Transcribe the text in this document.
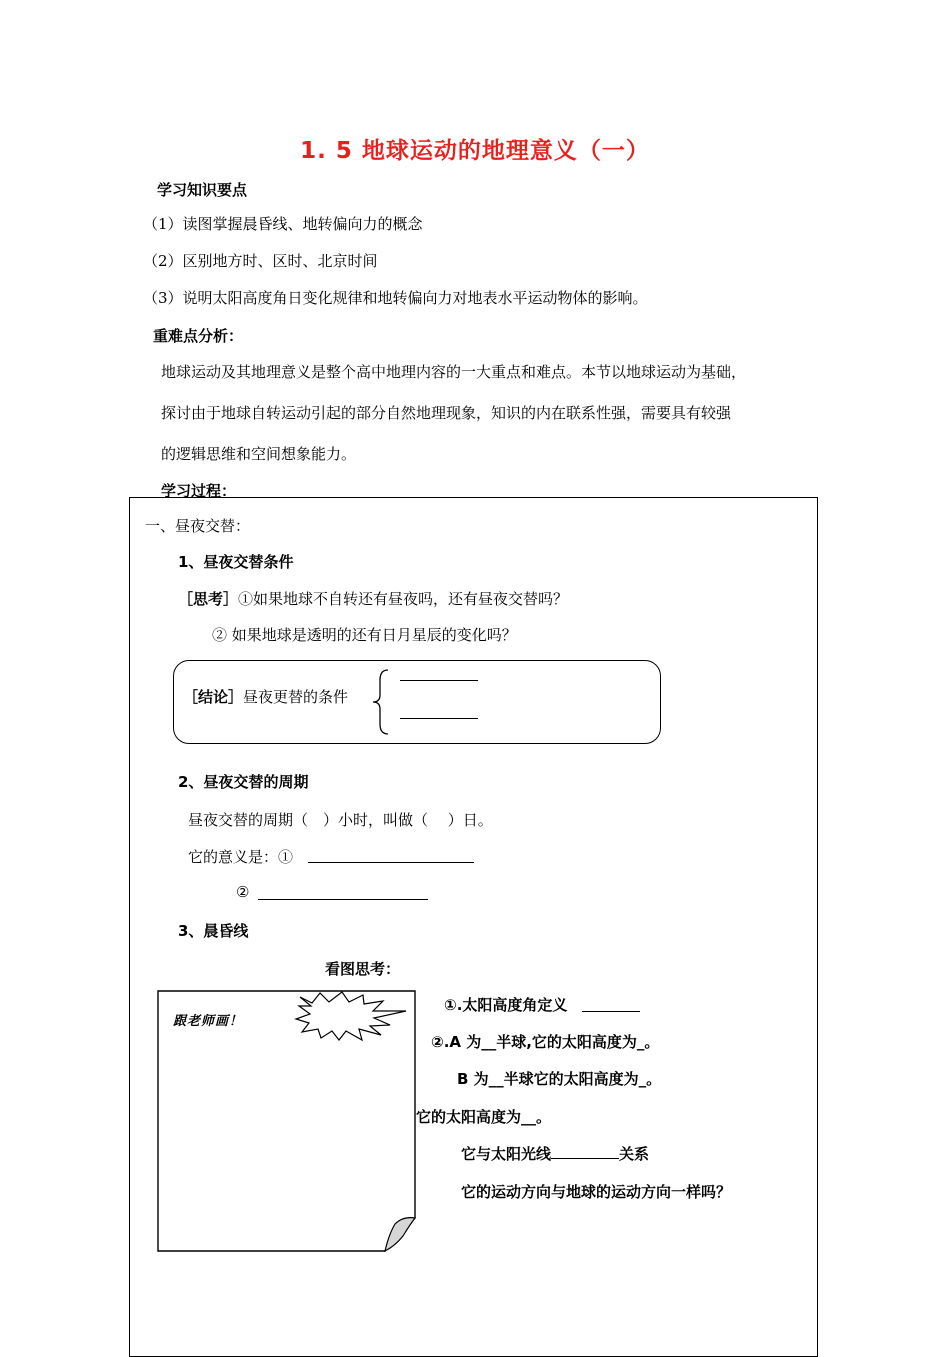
1. 5 地球运动的地理意义（一）
学习知识要点
（1）读图掌握晨昏线、地转偏向力的概念
（2）区别地方时、区时、北京时间
（3）说明太阳高度角日变化规律和地转偏向力对地表水平运动物体的影响。
重难点分析：
地球运动及其地理意义是整个高中地理内容的一大重点和难点。本节以地球运动为基础，
探讨由于地球自转运动引起的部分自然地理现象，知识的内在联系性强，需要具有较强
的逻辑思维和空间想象能力。
学习过程：
一、昼夜交替：
1、昼夜交替条件
［思考］①如果地球不自转还有昼夜吗，还有昼夜交替吗？
② 如果地球是透明的还有日月星辰的变化吗？
［结论］昼夜更替的条件
2、昼夜交替的周期
昼夜交替的周期（　）小时，叫做（　 ）日。
它的意义是：①
②
3、晨昏线
看图思考：
跟老师画！
①.太阳高度角定义
②.A 为__半球,它的太阳高度为_。
B 为__半球它的太阳高度为_。
它的太阳高度为__。
它与太阳光线	关系
它的运动方向与地球的运动方向一样吗？
